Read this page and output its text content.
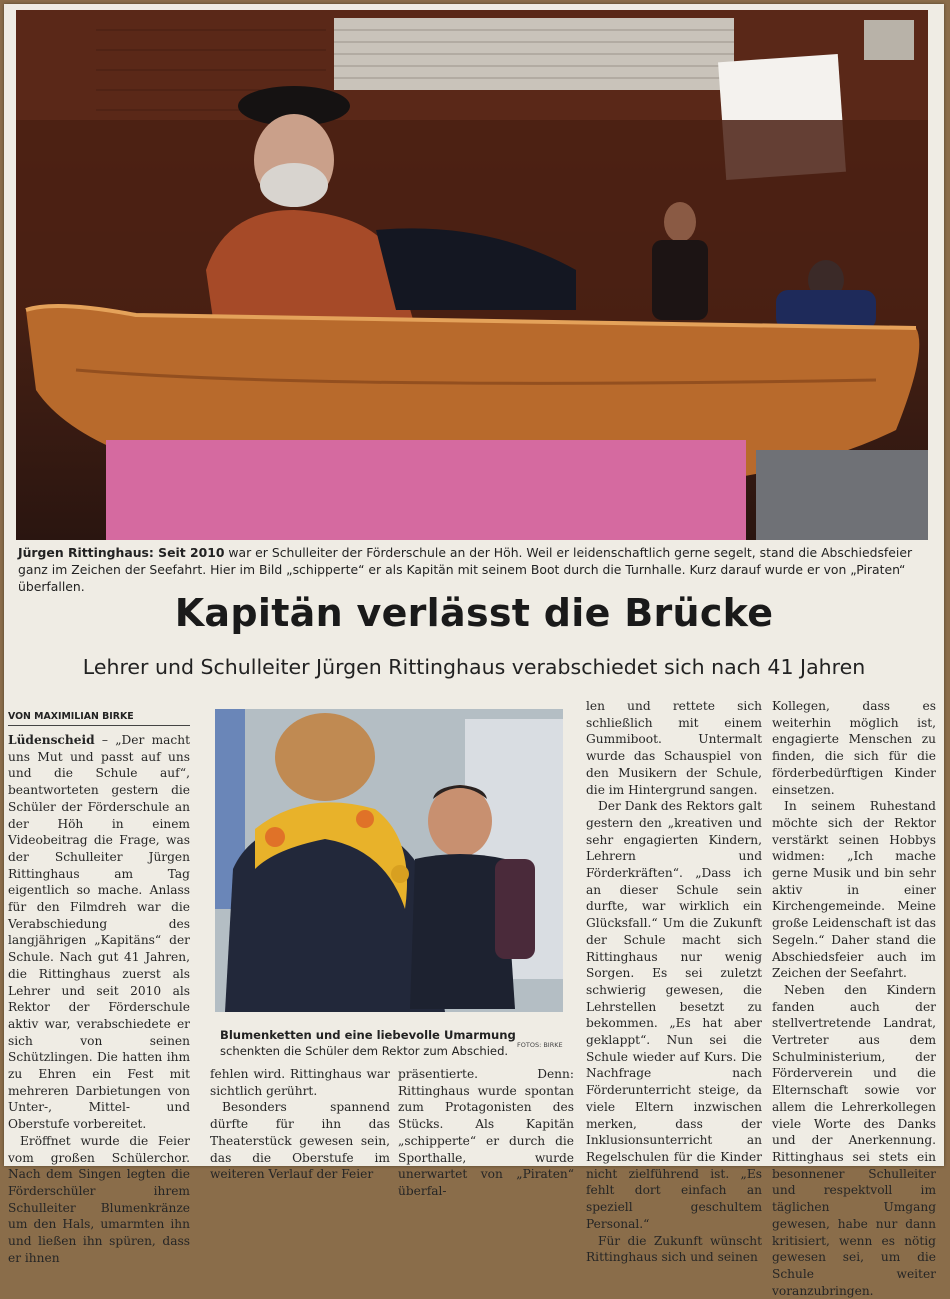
Jürgen Rittinghaus: Seit 2010 war er Schulleiter der Förderschule an der Höh. Weil er leidenschaftlich gerne segelt, stand die Abschiedsfeier ganz im Zeichen der Seefahrt. Hier im Bild „schipperte“ er als Kapitän mit seinem Boot durch die Turnhalle. Kurz darauf wurde er von „Piraten“ überfallen.
Kapitän verlässt die Brücke
Lehrer und Schulleiter Jürgen Rittinghaus verabschiedet sich nach 41 Jahren
VON MAXIMILIAN BIRKE

Lüdenscheid – „Der macht uns Mut und passt auf uns und die Schule auf“, beantworteten gestern die Schüler der Förderschule an der Höh in einem Videobeitrag die Frage, was der Schulleiter Jürgen Rittinghaus am Tag eigentlich so mache. Anlass für den Filmdreh war die Verabschiedung des langjährigen „Kapitäns“ der Schule. Nach gut 41 Jahren, die Rittinghaus zuerst als Lehrer und seit 2010 als Rektor der Förderschule aktiv war, verabschiedete er sich von seinen Schützlingen. Die hatten ihm zu Ehren ein Fest mit mehreren Darbietungen von Unter-, Mittel- und Oberstufe vorbereitet.

Eröffnet wurde die Feier vom großen Schülerchor. Nach dem Singen legten die Förderschüler ihrem Schulleiter Blumenkränze um den Hals, umarmten ihn und ließen ihn spüren, dass er ihnen

Blumenketten und eine liebevolle Umarmung schenkten die Schüler dem Rektor zum Abschied.	FOTOS: BIRKE

fehlen wird. Rittinghaus war sichtlich gerührt.

Besonders spannend dürfte für ihn das Theaterstück gewesen sein, das die Oberstufe im weiteren Verlauf der Feier

präsentierte. Denn: Rittinghaus wurde spontan zum Protagonisten des Stücks. Als Kapitän „schipperte“ er durch die Sporthalle, wurde unerwartet von „Piraten“ überfal-

len und rettete sich schließlich mit einem Gummiboot. Untermalt wurde das Schauspiel von den Musikern der Schule, die im Hintergrund sangen.

Der Dank des Rektors galt gestern den „kreativen und sehr engagierten Kindern, Lehrern und Förderkräften“. „Dass ich an dieser Schule sein durfte, war wirklich ein Glücksfall.“ Um die Zukunft der Schule macht sich Rittinghaus nur wenig Sorgen. Es sei zuletzt schwierig gewesen, die Lehrstellen besetzt zu bekommen. „Es hat aber geklappt“. Nun sei die Schule wieder auf Kurs. Die Nachfrage nach Förderunterricht steige, da viele Eltern inzwischen merken, dass der Inklusionsunterricht an Regelschulen für die Kinder nicht zielführend ist. „Es fehlt dort einfach an speziell geschultem Personal.“

Für die Zukunft wünscht Rittinghaus sich und seinen

Kollegen, dass es weiterhin möglich ist, engagierte Menschen zu finden, die sich für die förderbedürftigen Kinder einsetzen.

In seinem Ruhestand möchte sich der Rektor verstärkt seinen Hobbys widmen: „Ich mache gerne Musik und bin sehr aktiv in einer Kirchengemeinde. Meine große Leidenschaft ist das Segeln.“ Daher stand die Abschiedsfeier auch im Zeichen der Seefahrt.

Neben den Kindern fanden auch der stellvertretende Landrat, Vertreter aus dem Schulministerium, der Förderverein und die Elternschaft sowie vor allem die Lehrerkollegen viele Worte des Danks und der Anerkennung. Rittinghaus sei stets ein besonnener Schulleiter und respektvoll im täglichen Umgang gewesen, habe nur dann kritisiert, wenn es nötig gewesen sei, um die Schule weiter voranzubringen.
